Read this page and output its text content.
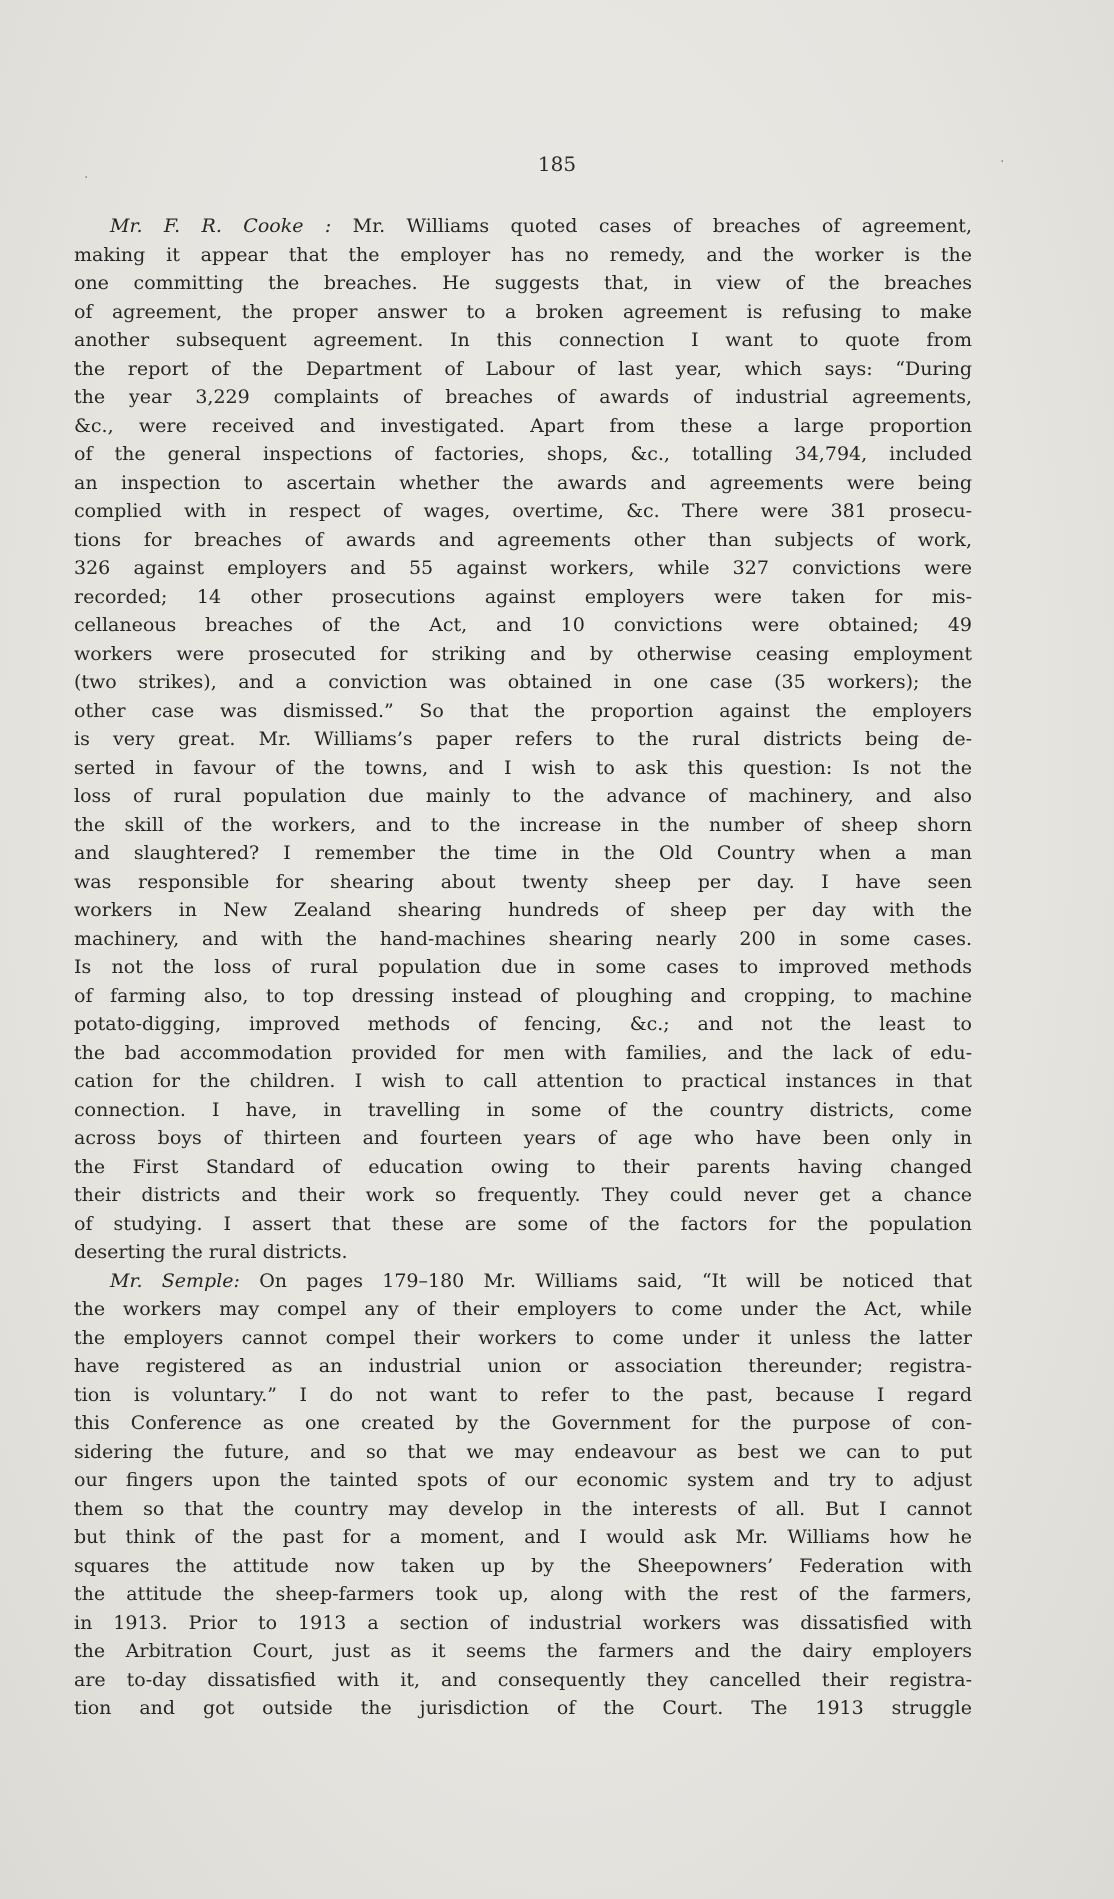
.
.

185

Mr. F. R. Cooke : Mr. Williams quoted cases of breaches of agreement,
making it appear that the employer has no remedy, and the worker is the
one committing the breaches. He suggests that, in view of the breaches
of agreement, the proper answer to a broken agreement is refusing to make
another subsequent agreement. In this connection I want to quote from
the report of the Department of Labour of last year, which says: “During
the year 3,229 complaints of breaches of awards of industrial agreements,
&c., were received and investigated. Apart from these a large proportion
of the general inspections of factories, shops, &c., totalling 34,794, included
an inspection to ascertain whether the awards and agreements were being
complied with in respect of wages, overtime, &c. There were 381 prosecu-
tions for breaches of awards and agreements other than subjects of work,
326 against employers and 55 against workers, while 327 convictions were
recorded; 14 other prosecutions against employers were taken for mis-
cellaneous breaches of the Act, and 10 convictions were obtained; 49
workers were prosecuted for striking and by otherwise ceasing employment
(two strikes), and a conviction was obtained in one case (35 workers); the
other case was dismissed.” So that the proportion against the employers
is very great. Mr. Williams’s paper refers to the rural districts being de-
serted in favour of the towns, and I wish to ask this question: Is not the
loss of rural population due mainly to the advance of machinery, and also
the skill of the workers, and to the increase in the number of sheep shorn
and slaughtered? I remember the time in the Old Country when a man
was responsible for shearing about twenty sheep per day. I have seen
workers in New Zealand shearing hundreds of sheep per day with the
machinery, and with the hand-machines shearing nearly 200 in some cases.
Is not the loss of rural population due in some cases to improved methods
of farming also, to top dressing instead of ploughing and cropping, to machine
potato-digging, improved methods of fencing, &c.; and not the least to
the bad accommodation provided for men with families, and the lack of edu-
cation for the children. I wish to call attention to practical instances in that
connection. I have, in travelling in some of the country districts, come
across boys of thirteen and fourteen years of age who have been only in
the First Standard of education owing to their parents having changed
their districts and their work so frequently. They could never get a chance
of studying. I assert that these are some of the factors for the population
deserting the rural districts.
Mr. Semple: On pages 179–180 Mr. Williams said, “It will be noticed that
the workers may compel any of their employers to come under the Act, while
the employers cannot compel their workers to come under it unless the latter
have registered as an industrial union or association thereunder; registra-
tion is voluntary.” I do not want to refer to the past, because I regard
this Conference as one created by the Government for the purpose of con-
sidering the future, and so that we may endeavour as best we can to put
our fingers upon the tainted spots of our economic system and try to adjust
them so that the country may develop in the interests of all. But I cannot
but think of the past for a moment, and I would ask Mr. Williams how he
squares the attitude now taken up by the Sheepowners’ Federation with
the attitude the sheep-farmers took up, along with the rest of the farmers,
in 1913. Prior to 1913 a section of industrial workers was dissatisfied with
the Arbitration Court, just as it seems the farmers and the dairy employers
are to-day dissatisfied with it, and consequently they cancelled their registra-
tion and got outside the jurisdiction of the Court. The 1913 struggle
